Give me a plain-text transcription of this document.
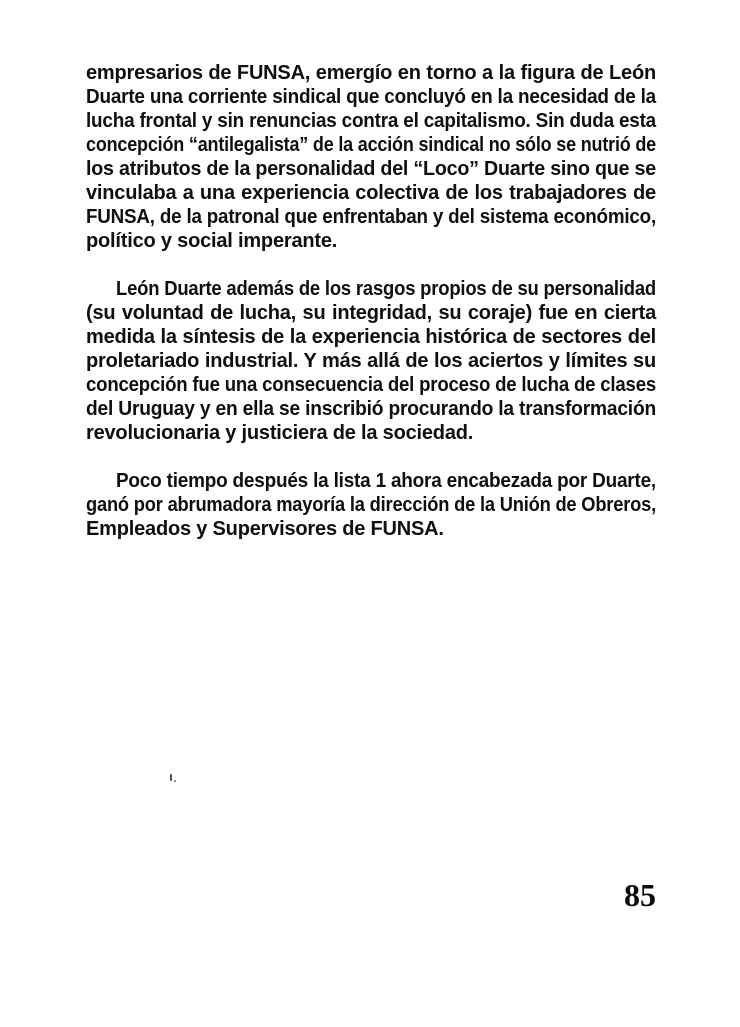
empresarios de FUNSA, emergío en torno a la figura de León
Duarte una corriente sindical que concluyó en la necesidad de la
lucha frontal y sin renuncias contra el capitalismo. Sin duda esta
concepción “antilegalista” de la acción sindical no sólo se nutrió de
los atributos de la personalidad del “Loco” Duarte sino que se
vinculaba a una experiencia colectiva de los trabajadores de
FUNSA, de la patronal que enfrentaban y del sistema económico,
político y social imperante.
León Duarte además de los rasgos propios de su personalidad
(su voluntad de lucha, su integridad, su coraje) fue en cierta
medida la síntesis de la experiencia histórica de sectores del
proletariado industrial. Y más allá de los aciertos y límites su
concepción fue una consecuencia del proceso de lucha de clases
del Uruguay y en ella se inscribió procurando la transformación
revolucionaria y justiciera de la sociedad.
Poco tiempo después la lista 1 ahora encabezada por Duarte,
ganó por abrumadora mayoría la dirección de la Unión de Obreros,
Empleados y Supervisores de FUNSA.
85
